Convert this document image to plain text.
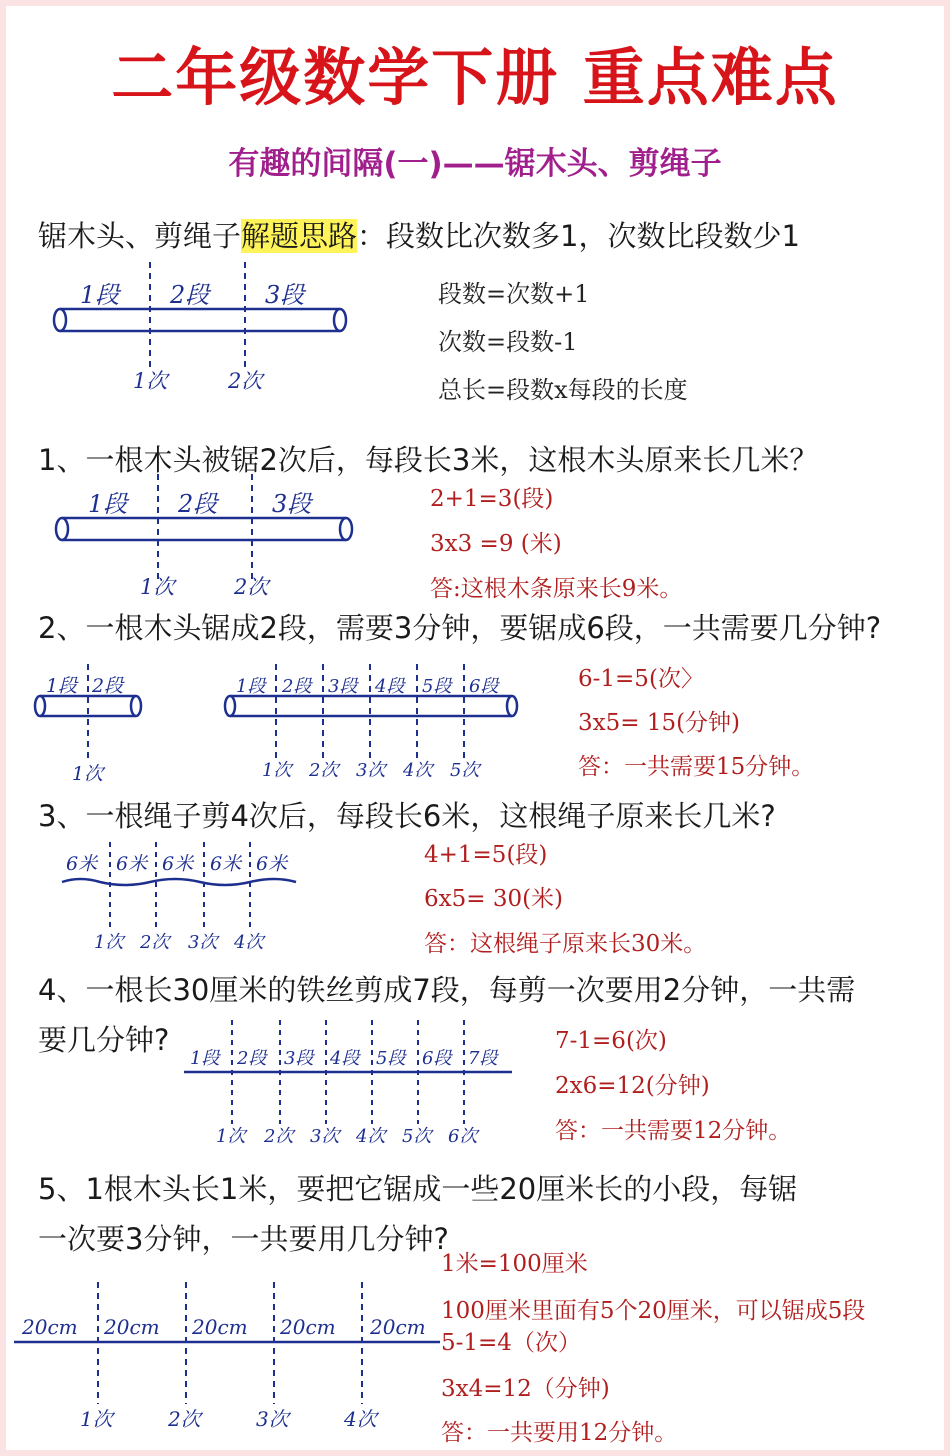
二年级数学下册 重点难点
有趣的间隔(一)——锯木头、剪绳子
锯木头、剪绳子解题思路：段数比次数多1，次数比段数少1
段数=次数+1
次数=段数-1
总长=段数x每段的长度
1、一根木头被锯2次后，每段长3米，这根木头原来长几米？
2+1=3(段)
3x3 =9 (米)
答:这根木条原来长9米。
2、一根木头锯成2段，需要3分钟，要锯成6段，一共需要几分钟?
6-1=5(次〉
3x5= 15(分钟)
答：一共需要15分钟。
3、一根绳子剪4次后，每段长6米，这根绳子原来长几米?
4+1=5(段)
6x5= 30(米)
答：这根绳子原来长30米。
4、一根长30厘米的铁丝剪成7段，每剪一次要用2分钟，一共需
要几分钟?	7-1=6(次)
2x6=12(分钟)
答：一共需要12分钟。
5、1根木头长1米，要把它锯成一些20厘米长的小段，每锯
一次要3分钟，一共要用几分钟?
1米=100厘米
100厘米里面有5个20厘米，可以锯成5段
5-1=4（次）
3x4=12（分钟)
答：一共要用12分钟。
1段 2段 3段
1次	2次
1段 2段 3段
1次	2次
1段 2段
1次
1段 2段 3段 4段 5段 6段
1次 2次 3次 4次 5次
6米 6米 6米 6米 6米
1次 2次 3次 4次
1段 2段 3段 4段 5段 6段 7段
1次 2次 3次 4次 5次 6次
20cm 20cm 20cm 20cm 20cm
1次	2次	3次	4次
